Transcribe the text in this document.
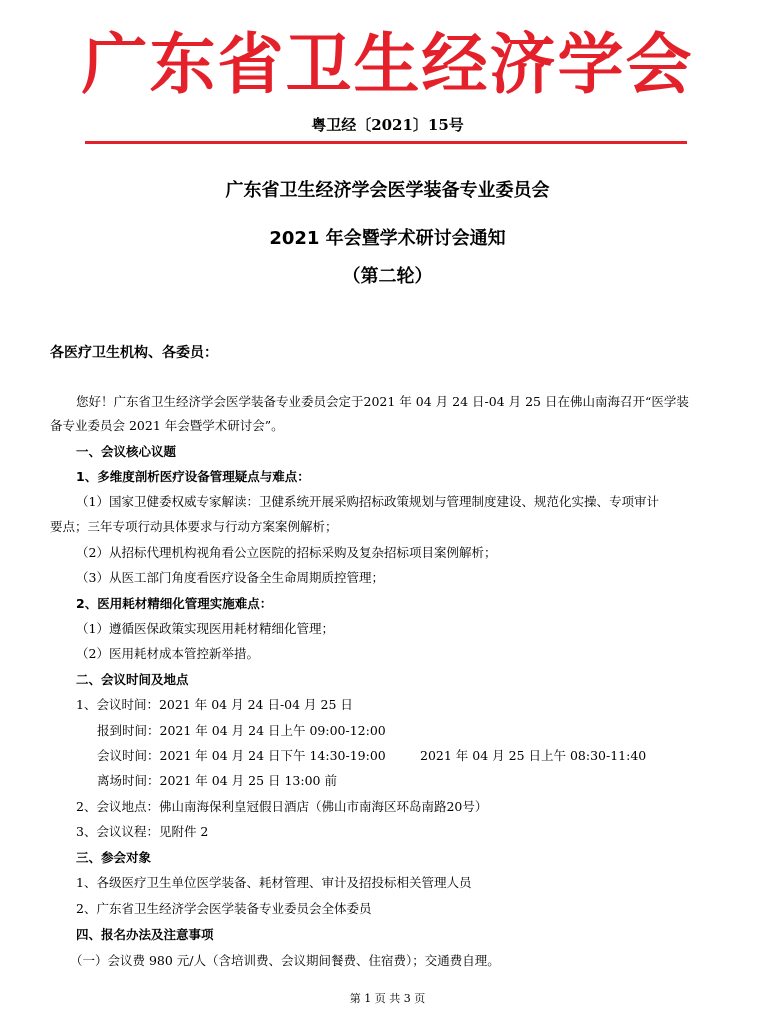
广东省卫生经济学会
粤卫经〔2021〕15号
广东省卫生经济学会医学装备专业委员会
2021 年会暨学术研讨会通知
（第二轮）
各医疗卫生机构、各委员：
您好！广东省卫生经济学会医学装备专业委员会定于2021 年 04 月 24 日-04 月 25 日在佛山南海召开“医学装
备专业委员会 2021 年会暨学术研讨会”。
一、会议核心议题
1、多维度剖析医疗设备管理疑点与难点：
（1）国家卫健委权威专家解读：卫健系统开展采购招标政策规划与管理制度建设、规范化实操、专项审计
要点；三年专项行动具体要求与行动方案案例解析；
（2）从招标代理机构视角看公立医院的招标采购及复杂招标项目案例解析；
（3）从医工部门角度看医疗设备全生命周期质控管理；
2、医用耗材精细化管理实施难点：
（1）遵循医保政策实现医用耗材精细化管理；
（2）医用耗材成本管控新举措。
二、会议时间及地点
1、会议时间：2021 年 04 月 24 日-04 月 25 日
报到时间：2021 年 04 月 24 日上午 09:00-12:00
会议时间：2021 年 04 月 24 日下午 14:30-19:00	2021 年 04 月 25 日上午 08:30-11:40
离场时间：2021 年 04 月 25 日 13:00 前
2、会议地点：佛山南海保利皇冠假日酒店（佛山市南海区环岛南路20号）
3、会议议程：见附件 2
三、参会对象
1、各级医疗卫生单位医学装备、耗材管理、审计及招投标相关管理人员
2、广东省卫生经济学会医学装备专业委员会全体委员
四、报名办法及注意事项
（一）会议费 980 元/人（含培训费、会议期间餐费、住宿费）；交通费自理。
第 1 页 共 3 页
